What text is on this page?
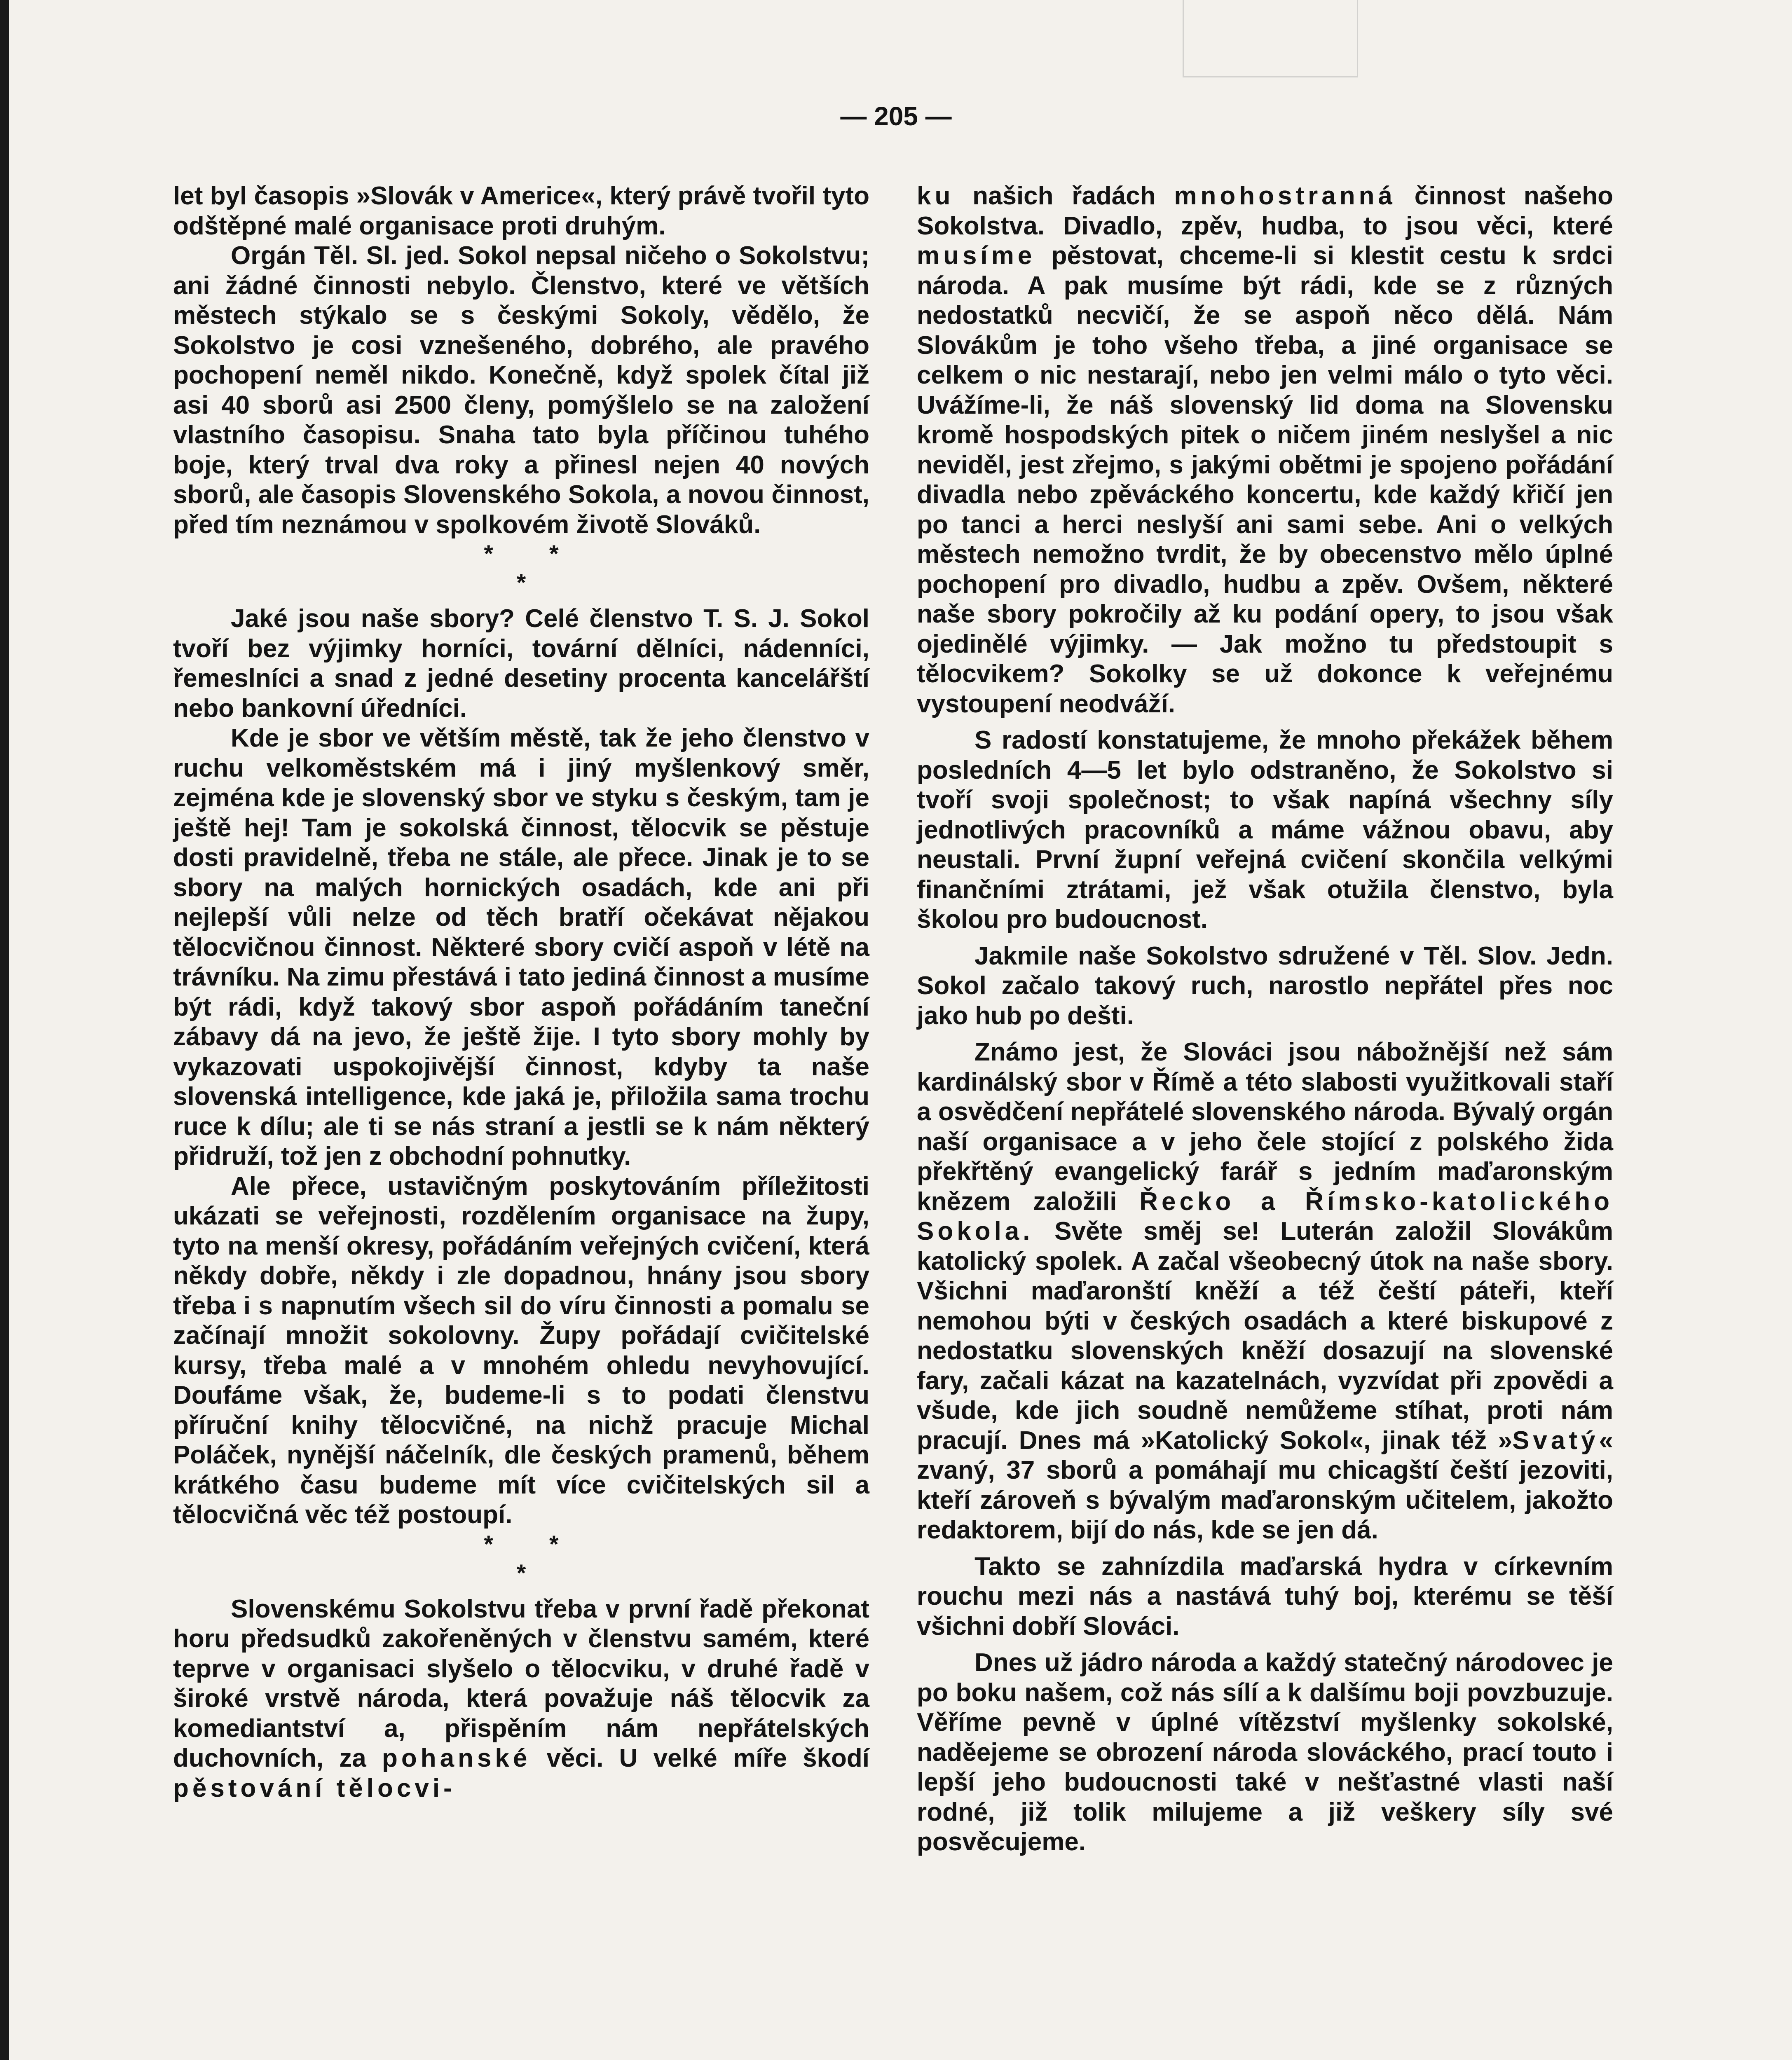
— 205 —

let byl časopis »Slovák v Americe«, který právě tvořil tyto odštěpné malé organisace proti druhým.

Orgán Těl. Sl. jed. Sokol nepsal ničeho o Sokolstvu; ani žádné činnosti nebylo. Členstvo, které ve větších městech stýkalo se s českými Sokoly, vědělo, že Sokolstvo je cosi vznešeného, dobrého, ale pravého pochopení neměl nikdo. Konečně, když spolek čítal již asi 40 sborů asi 2500 členy, pomýšlelo se na založení vlastního časopisu. Snaha tato byla příčinou tuhého boje, který trval dva roky a přinesl nejen 40 nových sborů, ale časopis Slovenského Sokola, a novou činnost, před tím neznámou v spolkovém životě Slováků.

* *
*

Jaké jsou naše sbory? Celé členstvo T. S. J. Sokol tvoří bez výjimky horníci, tovární dělníci, nádenníci, řemeslníci a snad z jedné desetiny procenta kancelářští nebo bankovní úředníci.

Kde je sbor ve větším městě, tak že jeho členstvo v ruchu velkoměstském má i jiný myšlenkový směr, zejména kde je slovenský sbor ve styku s českým, tam je ještě hej! Tam je sokolská činnost, tělocvik se pěstuje dosti pravidelně, třeba ne stále, ale přece. Jinak je to se sbory na malých hornických osadách, kde ani při nejlepší vůli nelze od těch bratří očekávat nějakou tělocvičnou činnost. Některé sbory cvičí aspoň v létě na trávníku. Na zimu přestává i tato jediná činnost a musíme být rádi, když takový sbor aspoň pořádáním taneční zábavy dá na jevo, že ještě žije. I tyto sbory mohly by vykazovati uspokojivější činnost, kdyby ta naše slovenská intelligence, kde jaká je, přiložila sama trochu ruce k dílu; ale ti se nás straní a jestli se k nám některý přidruží, tož jen z obchodní pohnutky.

Ale přece, ustavičným poskytováním příležitosti ukázati se veřejnosti, rozdělením organisace na župy, tyto na menší okresy, pořádáním veřejných cvičení, která někdy dobře, někdy i zle dopadnou, hnány jsou sbory třeba i s napnutím všech sil do víru činnosti a pomalu se začínají množit sokolovny. Župy pořádají cvičitelské kursy, třeba malé a v mnohém ohledu nevyhovující. Doufáme však, že, budeme-li s to podati členstvu příruční knihy tělocvičné, na nichž pracuje Michal Poláček, nynější náčelník, dle českých pramenů, během krátkého času budeme mít více cvičitelských sil a tělocvičná věc též postoupí.

* *
*

Slovenskému Sokolstvu třeba v první řadě překonat horu předsudků zakořeněných v členstvu samém, které teprve v organisaci slyšelo o tělocviku, v druhé řadě v široké vrstvě národa, která považuje náš tělocvik za komediantství a, přispěním nám nepřátelských duchovních, za pohanské věci. U velké míře škodí pěstování tělocvi-

ku našich řadách mnohostranná činnost našeho Sokolstva. Divadlo, zpěv, hudba, to jsou věci, které musíme pěstovat, chceme-li si klestit cestu k srdci národa. A pak musíme být rádi, kde se z různých nedostatků necvičí, že se aspoň něco dělá. Nám Slovákům je toho všeho třeba, a jiné organisace se celkem o nic nestarají, nebo jen velmi málo o tyto věci. Uvážíme-li, že náš slovenský lid doma na Slovensku kromě hospodských pitek o ničem jiném neslyšel a nic neviděl, jest zřejmo, s jakými obětmi je spojeno pořádání divadla nebo zpěváckého koncertu, kde každý křičí jen po tanci a herci neslyší ani sami sebe. Ani o velkých městech nemožno tvrdit, že by obecenstvo mělo úplné pochopení pro divadlo, hudbu a zpěv. Ovšem, některé naše sbory pokročily až ku podání opery, to jsou však ojedinělé výjimky. — Jak možno tu předstoupit s tělocvikem? Sokolky se už dokonce k veřejnému vystoupení neodváží.

S radostí konstatujeme, že mnoho překážek během posledních 4—5 let bylo odstraněno, že Sokolstvo si tvoří svoji společnost; to však napíná všechny síly jednotlivých pracovníků a máme vážnou obavu, aby neustali. První župní veřejná cvičení skončila velkými finančními ztrátami, jež však otužila členstvo, byla školou pro budoucnost.

Jakmile naše Sokolstvo sdružené v Těl. Slov. Jedn. Sokol začalo takový ruch, narostlo nepřátel přes noc jako hub po dešti.

Známo jest, že Slováci jsou nábožnější než sám kardinálský sbor v Římě a této slabosti využitkovali staří a osvědčení nepřátelé slovenského národa. Bývalý orgán naší organisace a v jeho čele stojící z polského žida překřtěný evangelický farář s jedním maďaronským knězem založili Řecko a Římsko-katolického Sokola. Světe směj se! Luterán založil Slovákům katolický spolek. A začal všeobecný útok na naše sbory. Všichni maďaronští kněží a též čeští páteři, kteří nemohou býti v českých osadách a které biskupové z nedostatku slovenských kněží dosazují na slovenské fary, začali kázat na kazatelnách, vyzvídat při zpovědi a všude, kde jich soudně nemůžeme stíhat, proti nám pracují. Dnes má »Katolický Sokol«, jinak též »Svatý« zvaný, 37 sborů a pomáhají mu chicagští čeští jezoviti, kteří zároveň s bývalým maďaronským učitelem, jakožto redaktorem, bijí do nás, kde se jen dá.

Takto se zahnízdila maďarská hydra v církevním rouchu mezi nás a nastává tuhý boj, kterému se těší všichni dobří Slováci.

Dnes už jádro národa a každý statečný národovec je po boku našem, což nás sílí a k dalšímu boji povzbuzuje. Věříme pevně v úplné vítězství myšlenky sokolské, naděejeme se obrození národa slováckého, prací touto i lepší jeho budoucnosti také v nešťastné vlasti naší rodné, již tolik milujeme a již veškery síly své posvěcujeme.
